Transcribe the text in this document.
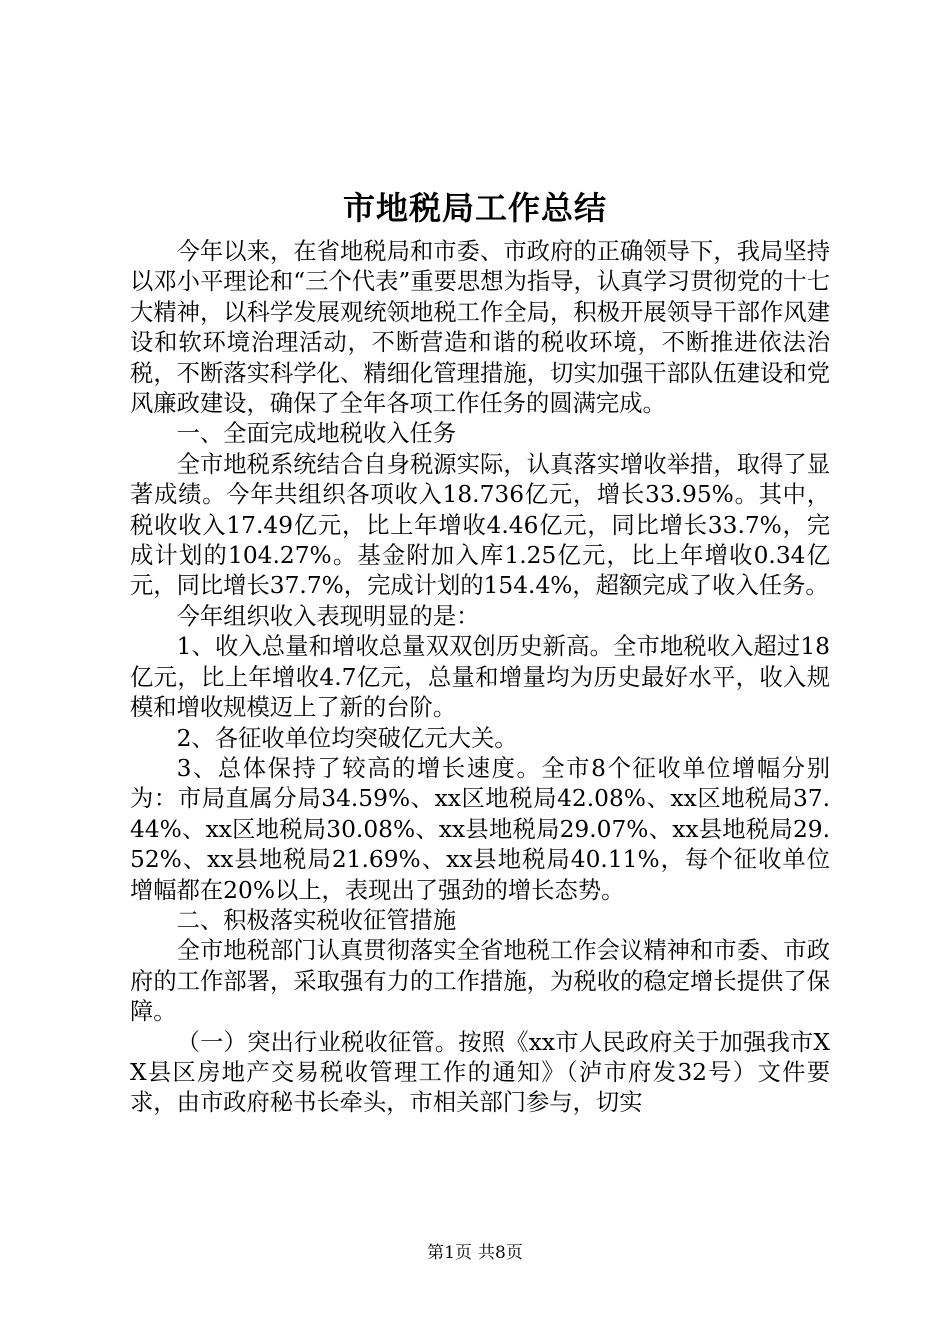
市地税局工作总结

今年以来，在省地税局和市委、市政府的正确领导下，我局坚持以邓小平理论和“三个代表”重要思想为指导，认真学习贯彻党的十七大精神，以科学发展观统领地税工作全局，积极开展领导干部作风建设和软环境治理活动，不断营造和谐的税收环境，不断推进依法治税，不断落实科学化、精细化管理措施，切实加强干部队伍建设和党风廉政建设，确保了全年各项工作任务的圆满完成。

一、全面完成地税收入任务

全市地税系统结合自身税源实际，认真落实增收举措，取得了显著成绩。今年共组织各项收入18.736亿元，增长33.95%。其中，税收收入17.49亿元，比上年增收4.46亿元，同比增长33.7%，完成计划的104.27%。基金附加入库1.25亿元，比上年增收0.34亿元，同比增长37.7%，完成计划的154.4%，超额完成了收入任务。

今年组织收入表现明显的是：

1、收入总量和增收总量双双创历史新高。全市地税收入超过18亿元，比上年增收4.7亿元，总量和增量均为历史最好水平，收入规模和增收规模迈上了新的台阶。

2、各征收单位均突破亿元大关。

3、总体保持了较高的增长速度。全市8个征收单位增幅分别为：市局直属分局34.59%、xx区地税局42.08%、xx区地税局37.44%、xx区地税局30.08%、xx县地税局29.07%、xx县地税局29.52%、xx县地税局21.69%、xx县地税局40.11%，每个征收单位增幅都在20%以上，表现出了强劲的增长态势。

二、积极落实税收征管措施

全市地税部门认真贯彻落实全省地税工作会议精神和市委、市政府的工作部署，采取强有力的工作措施，为税收的稳定增长提供了保障。

（一）突出行业税收征管。按照《xx市人民政府关于加强我市XX县区房地产交易税收管理工作的通知》（泸市府发32号）文件要求，由市政府秘书长牵头，市相关部门参与，切实

第1页 共8页
